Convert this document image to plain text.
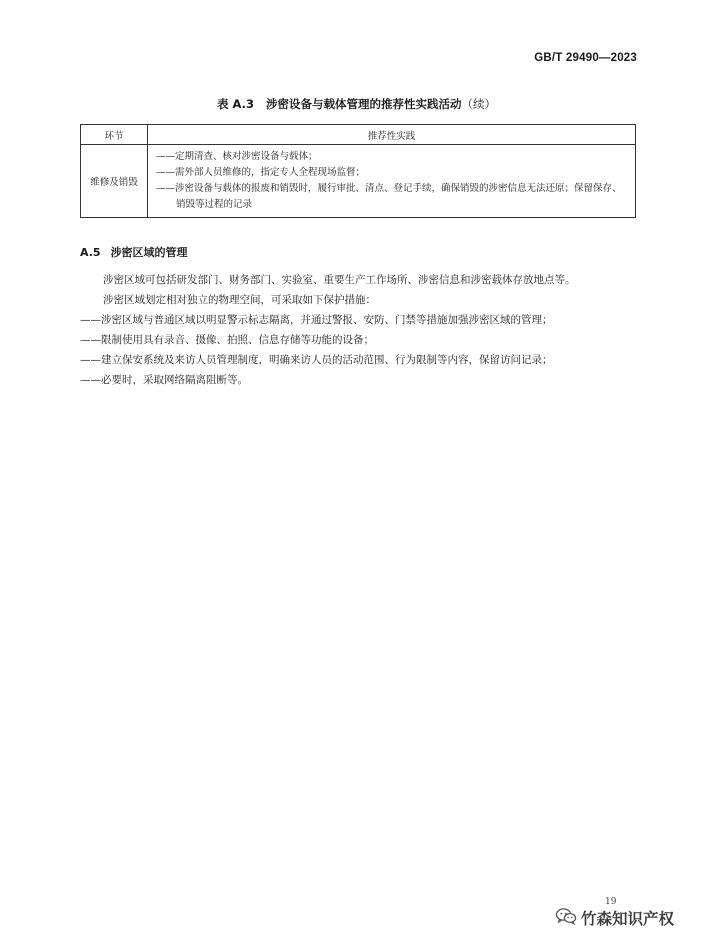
GB/T 29490—2023
表 A.3   涉密设备与载体管理的推荐性实践活动（续）
环节	推荐性实践
维修及销毁	——定期清查、核对涉密设备与载体；
——需外部人员维修的，指定专人全程现场监督；
——涉密设备与载体的报废和销毁时，履行审批、清点、登记手续，确保销毁的涉密信息无法还原；保留保存、销毁等过程的记录
A.5 涉密区域的管理
涉密区域可包括研发部门、财务部门、实验室、重要生产工作场所、涉密信息和涉密载体存放地点等。
涉密区域划定相对独立的物理空间，可采取如下保护措施：
——涉密区域与普通区域以明显警示标志隔离，并通过警报、安防、门禁等措施加强涉密区域的管理；
——限制使用具有录音、摄像、拍照、信息存储等功能的设备；
——建立保安系统及来访人员管理制度，明确来访人员的活动范围、行为限制等内容，保留访问记录；
——必要时，采取网络隔离阻断等。
19
竹森知识产权
